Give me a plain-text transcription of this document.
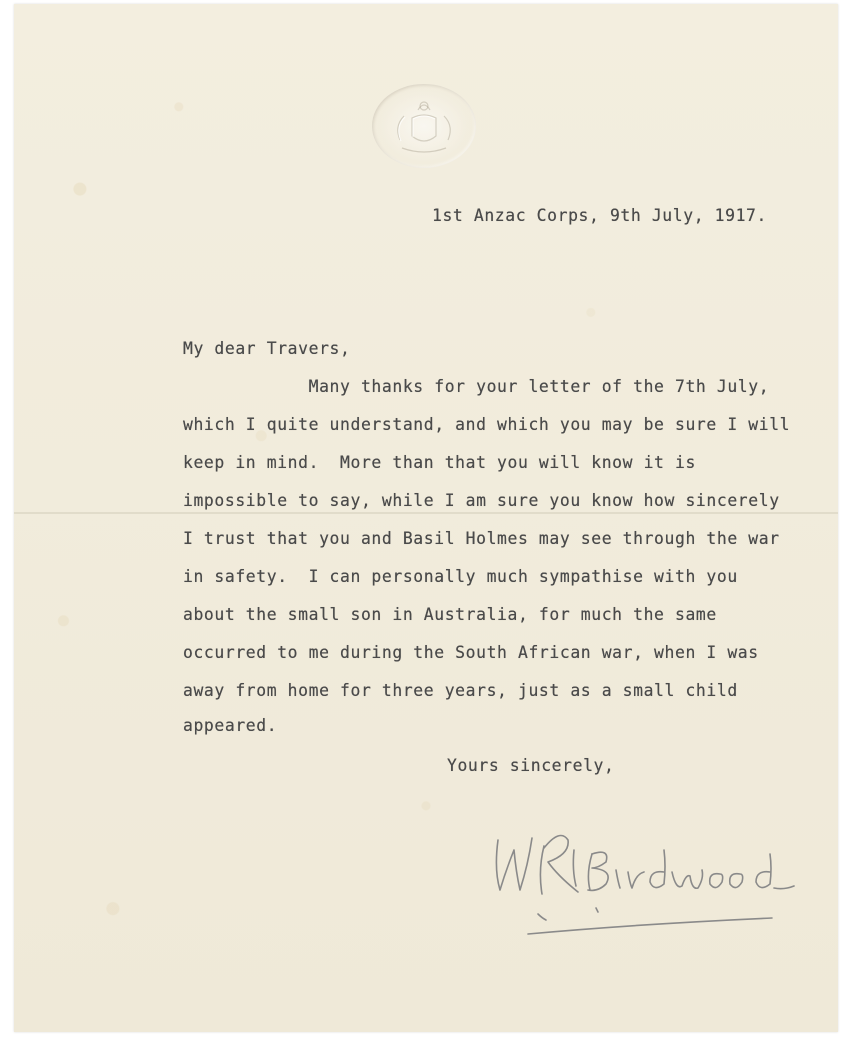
1st Anzac Corps, 9th July, 1917.
My dear Travers,
Many thanks for your letter of the 7th July,
which I quite understand, and which you may be sure I will
keep in mind.  More than that you will know it is
impossible to say, while I am sure you know how sincerely
I trust that you and Basil Holmes may see through the war
in safety.  I can personally much sympathise with you
about the small son in Australia, for much the same
occurred to me during the South African war, when I was
away from home for three years, just as a small child
appeared.
Yours sincerely,
